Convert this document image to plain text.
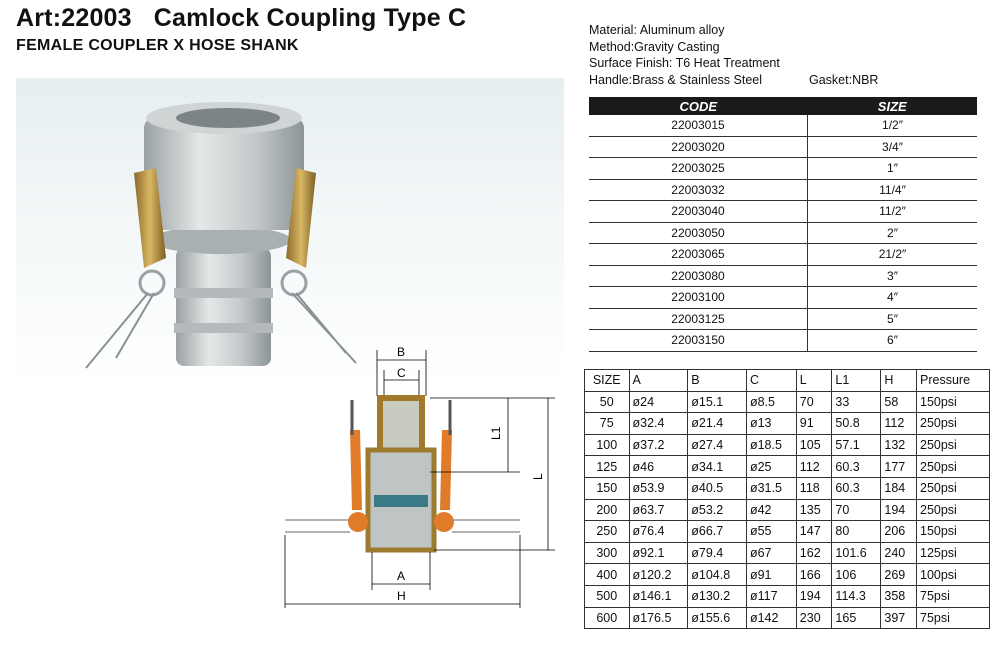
Art:22003 Camlock Coupling Type C
FEMALE COUPLER X HOSE SHANK
Material: Aluminum alloy
Method:Gravity Casting
Surface Finish: T6 Heat Treatment
Handle:Brass & Stainless Steel	Gasket:NBR
CODE	SIZE
22003015	1/2″
22003020	3/4″
22003025	1″
22003032	11/4″
22003040	11/2″
22003050	2″
22003065	21/2″
22003080	3″
22003100	4″
22003125	5″
22003150	6″
B
C
L1
L
A
H
SIZE	A	B	C	L	L1	H	Pressure
50	ø24	ø15.1	ø8.5	70	33	58	150psi
75	ø32.4	ø21.4	ø13	91	50.8	112	250psi
100	ø37.2	ø27.4	ø18.5	105	57.1	132	250psi
125	ø46	ø34.1	ø25	112	60.3	177	250psi
150	ø53.9	ø40.5	ø31.5	118	60.3	184	250psi
200	ø63.7	ø53.2	ø42	135	70	194	250psi
250	ø76.4	ø66.7	ø55	147	80	206	150psi
300	ø92.1	ø79.4	ø67	162	101.6	240	125psi
400	ø120.2	ø104.8	ø91	166	106	269	100psi
500	ø146.1	ø130.2	ø117	194	114.3	358	75psi
600	ø176.5	ø155.6	ø142	230	165	397	75psi
